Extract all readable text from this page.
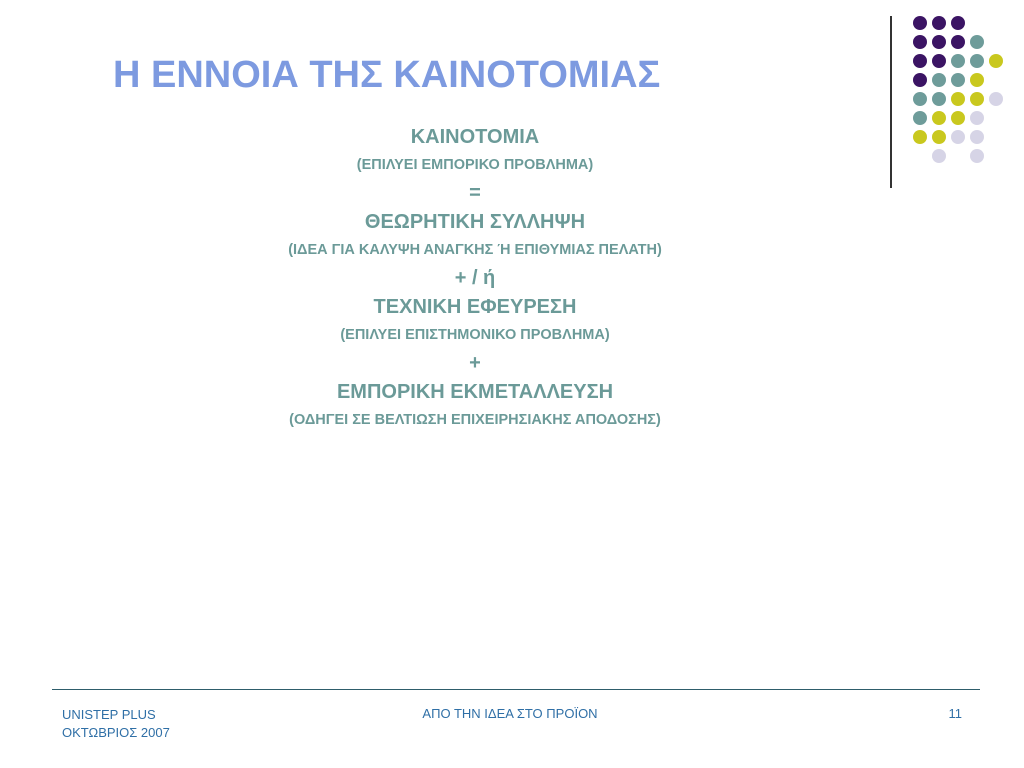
Η ΕΝΝΟΙΑ ΤΗΣ ΚΑΙΝΟΤΟΜΙΑΣ
ΚΑΙΝΟΤΟΜΙΑ
(ΕΠΙΛΥΕΙ ΕΜΠΟΡΙΚΟ ΠΡΟΒΛΗΜΑ)
=
ΘΕΩΡΗΤΙΚΗ ΣΥΛΛΗΨΗ
(ΙΔΕΑ ΓΙΑ ΚΑΛΥΨΗ ΑΝΑΓΚΗΣ Ή ΕΠΙΘΥΜΙΑΣ ΠΕΛΑΤΗ)
+ / ή
ΤΕΧΝΙΚΗ ΕΦΕΥΡΕΣΗ
(ΕΠΙΛΥΕΙ ΕΠΙΣΤΗΜΟΝΙΚΟ ΠΡΟΒΛΗΜΑ)
+
ΕΜΠΟΡΙΚΗ ΕΚΜΕΤΑΛΛΕΥΣΗ
(ΟΔΗΓΕΙ ΣΕ ΒΕΛΤΙΩΣΗ ΕΠΙΧΕΙΡΗΣΙΑΚΗΣ ΑΠΟΔΟΣΗΣ)
UNISTEP PLUS
ΟΚΤΩΒΡΙΟΣ 2007
ΑΠΟ ΤΗΝ ΙΔΕΑ ΣΤΟ ΠΡΟΪΟΝ	11
